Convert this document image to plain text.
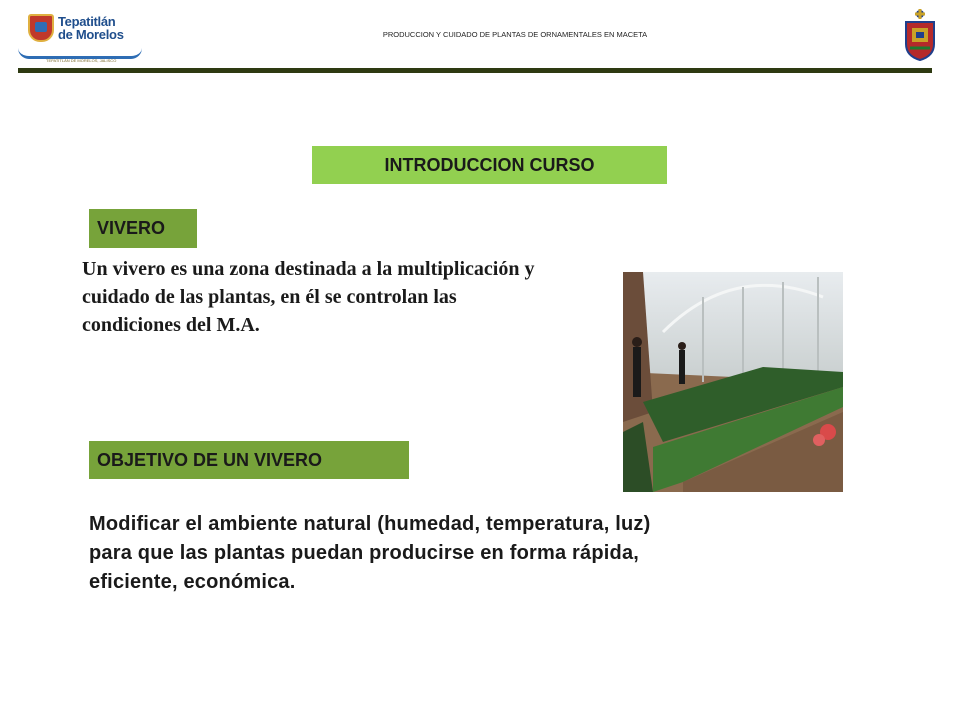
Tepatitlán
de Morelos
TEPATITLÁN DE MORELOS, JALISCO
PRODUCCION Y CUIDADO DE PLANTAS DE ORNAMENTALES EN MACETA
INTRODUCCION CURSO
VIVERO
Un vivero es una zona destinada a la multiplicación y cuidado de las plantas, en él se controlan las condiciones del M.A.
OBJETIVO DE UN VIVERO
Modificar el ambiente natural (humedad, temperatura, luz) para que las plantas puedan producirse en forma rápida, eficiente, económica.
